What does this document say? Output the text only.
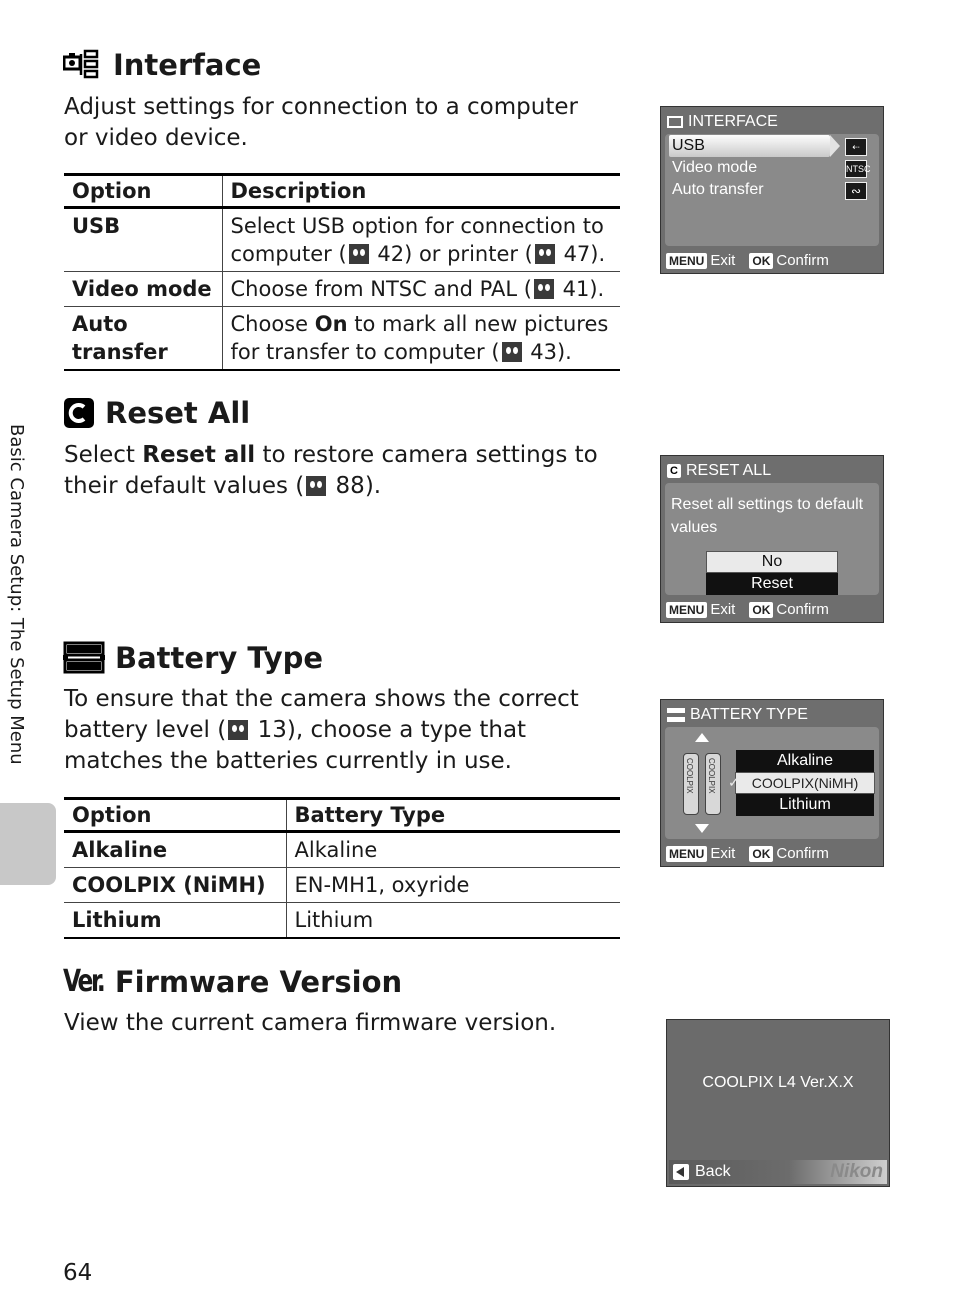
Basic Camera Setup: The Setup Menu
Interface

Adjust settings for connection to a computer or video device.

Option	Description
USB	Select USB option for connection to computer ( 42) or printer ( 47).
Video mode	Choose from NTSC and PAL ( 41).
Auto transfer	Choose On to mark all new pictures for transfer to computer ( 43).
INTERFACE
USB
Video mode
Auto transfer
⇠
NTSC
∾
MENU Exit OK Confirm
Reset All

Select Reset all to restore camera settings to their default values ( 88).

C RESET ALL
Reset all settings to default values
No
Reset
MENU Exit OK Confirm
Battery Type

To ensure that the camera shows the correct battery level ( 13), choose a type that matches the batteries currently in use.

Option	Battery Type
Alkaline	Alkaline
COOLPIX (NiMH)	EN-MH1, oxyride
Lithium	Lithium
BATTERY TYPE
COOLPIX COOLPIX	Alkaline
COOLPIX(NiMH)
✓
Lithium
MENU Exit OK Confirm
Ver. Firmware Version

View the current camera firmware version.

COOLPIX L4 Ver.X.X
Back	Nikon
64
